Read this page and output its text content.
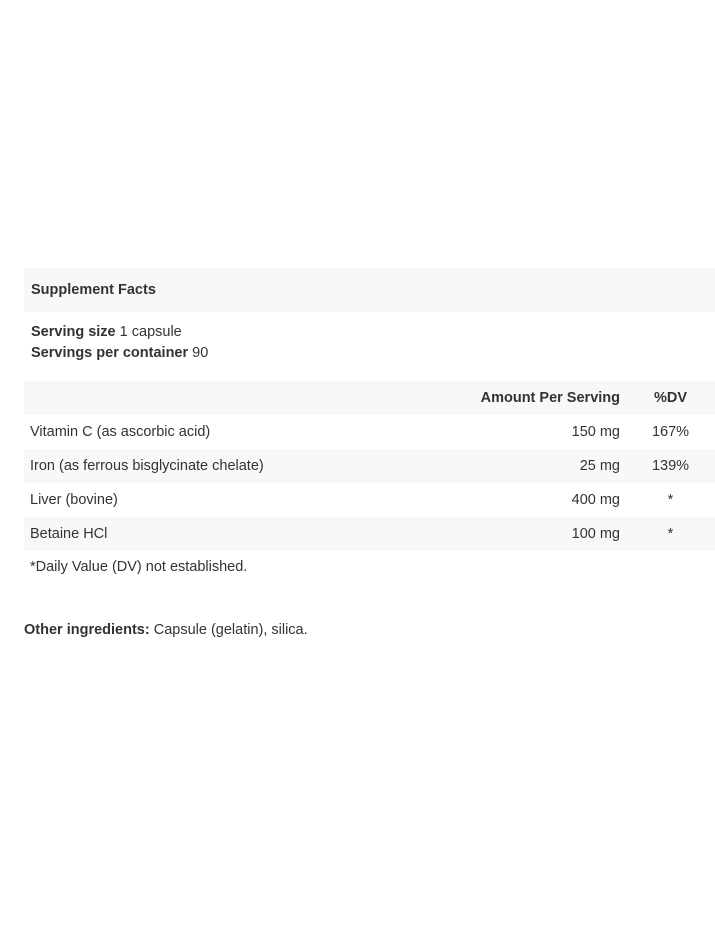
Supplement Facts
Serving size 1 capsule
Servings per container 90
	Amount Per Serving	%DV
Vitamin C (as ascorbic acid)	150 mg	167%
Iron (as ferrous bisglycinate chelate)	25 mg	139%
Liver (bovine)	400 mg	*
Betaine HCl	100 mg	*
*Daily Value (DV) not established.
Other ingredients: Capsule (gelatin), silica.
